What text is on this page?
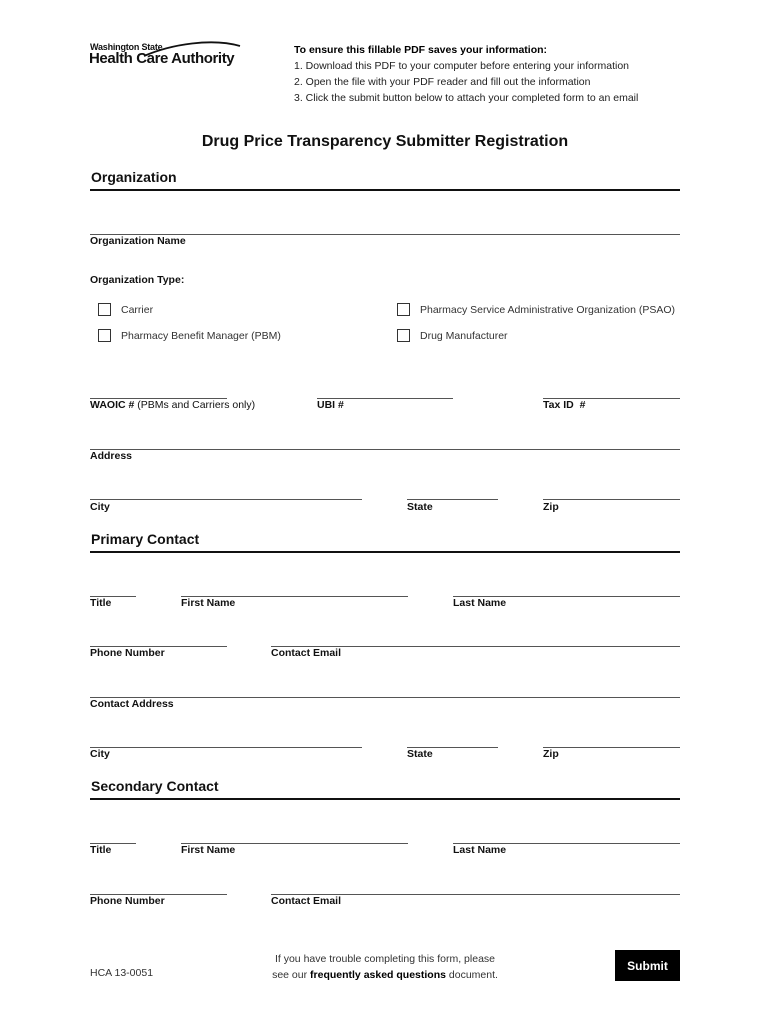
Washington State
Health Care Authority	To ensure this fillable PDF saves your information:
1. Download this PDF to your computer before entering your information
2. Open the file with your PDF reader and fill out the information
3. Click the submit button below to attach your completed form to an email
Drug Price Transparency Submitter Registration
Organization
Organization Name
Organization Type:
Carrier	Pharmacy Service Administrative Organization (PSAO)
Pharmacy Benefit Manager (PBM)	Drug Manufacturer
WAOIC # (PBMs and Carriers only)	UBI #	Tax ID  #
Address
City	State	Zip
Primary Contact
Title	First Name	Last Name
Phone Number	Contact Email
Contact Address
City	State	Zip
Secondary Contact
Title	First Name	Last Name
Phone Number	Contact Email
HCA 13-0051
If you have trouble completing this form, please
see our frequently asked questions document.
Submit
